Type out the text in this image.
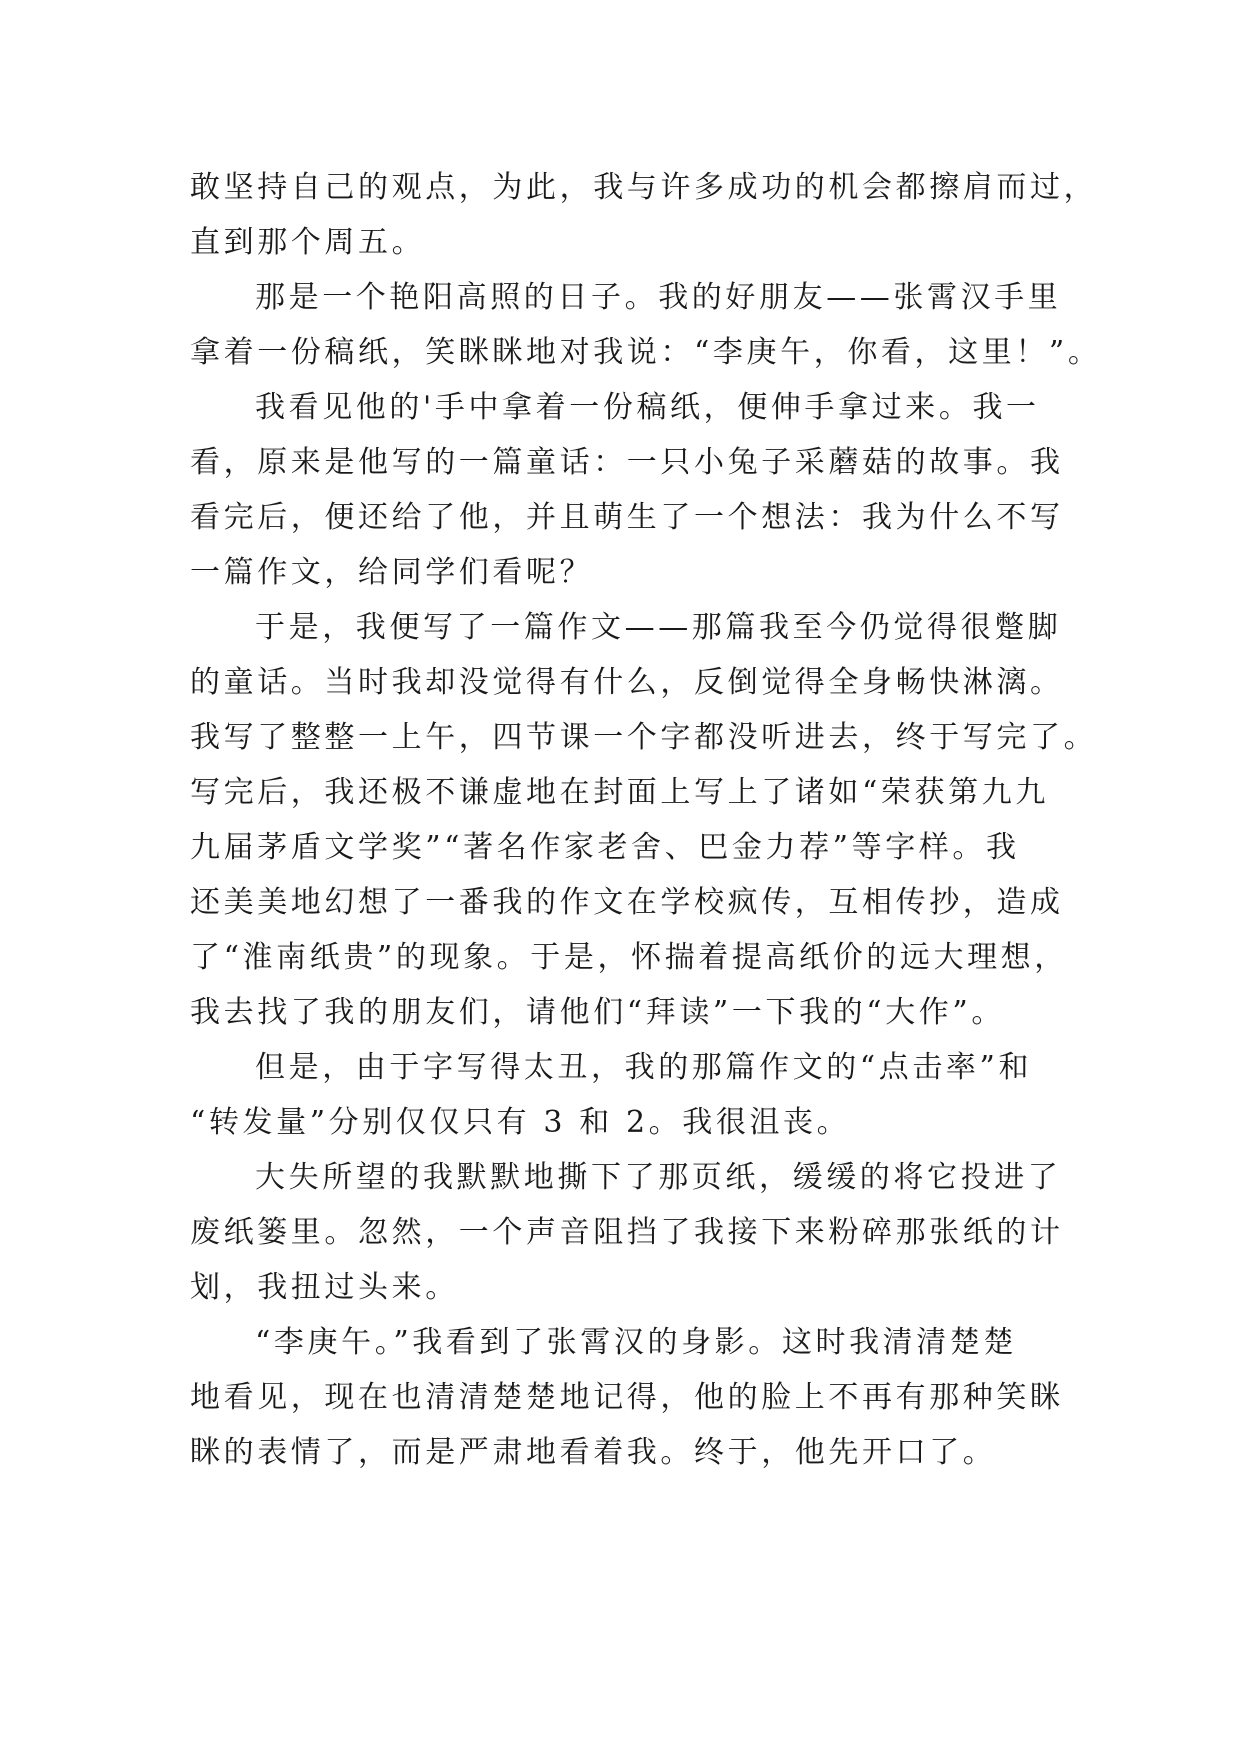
敢坚持自己的观点，为此，我与许多成功的机会都擦肩而过，
直到那个周五。
那是一个艳阳高照的日子。我的好朋友——张霄汉手里
拿着一份稿纸，笑眯眯地对我说：“李庚午，你看，这里！”。
我看见他的'手中拿着一份稿纸，便伸手拿过来。我一
看，原来是他写的一篇童话：一只小兔子采蘑菇的故事。我
看完后，便还给了他，并且萌生了一个想法：我为什么不写
一篇作文，给同学们看呢？
于是，我便写了一篇作文——那篇我至今仍觉得很蹩脚
的童话。当时我却没觉得有什么，反倒觉得全身畅快淋漓。
我写了整整一上午，四节课一个字都没听进去，终于写完了。
写完后，我还极不谦虚地在封面上写上了诸如“荣获第九九
九届茅盾文学奖”“著名作家老舍、巴金力荐”等字样。我
还美美地幻想了一番我的作文在学校疯传，互相传抄，造成
了“淮南纸贵”的现象。于是，怀揣着提高纸价的远大理想，
我去找了我的朋友们，请他们“拜读”一下我的“大作”。
但是，由于字写得太丑，我的那篇作文的“点击率”和
“转发量”分别仅仅只有 3 和 2。我很沮丧。
大失所望的我默默地撕下了那页纸，缓缓的将它投进了
废纸篓里。忽然，一个声音阻挡了我接下来粉碎那张纸的计
划，我扭过头来。
“李庚午。”我看到了张霄汉的身影。这时我清清楚楚
地看见，现在也清清楚楚地记得，他的脸上不再有那种笑眯
眯的表情了，而是严肃地看着我。终于，他先开口了。
